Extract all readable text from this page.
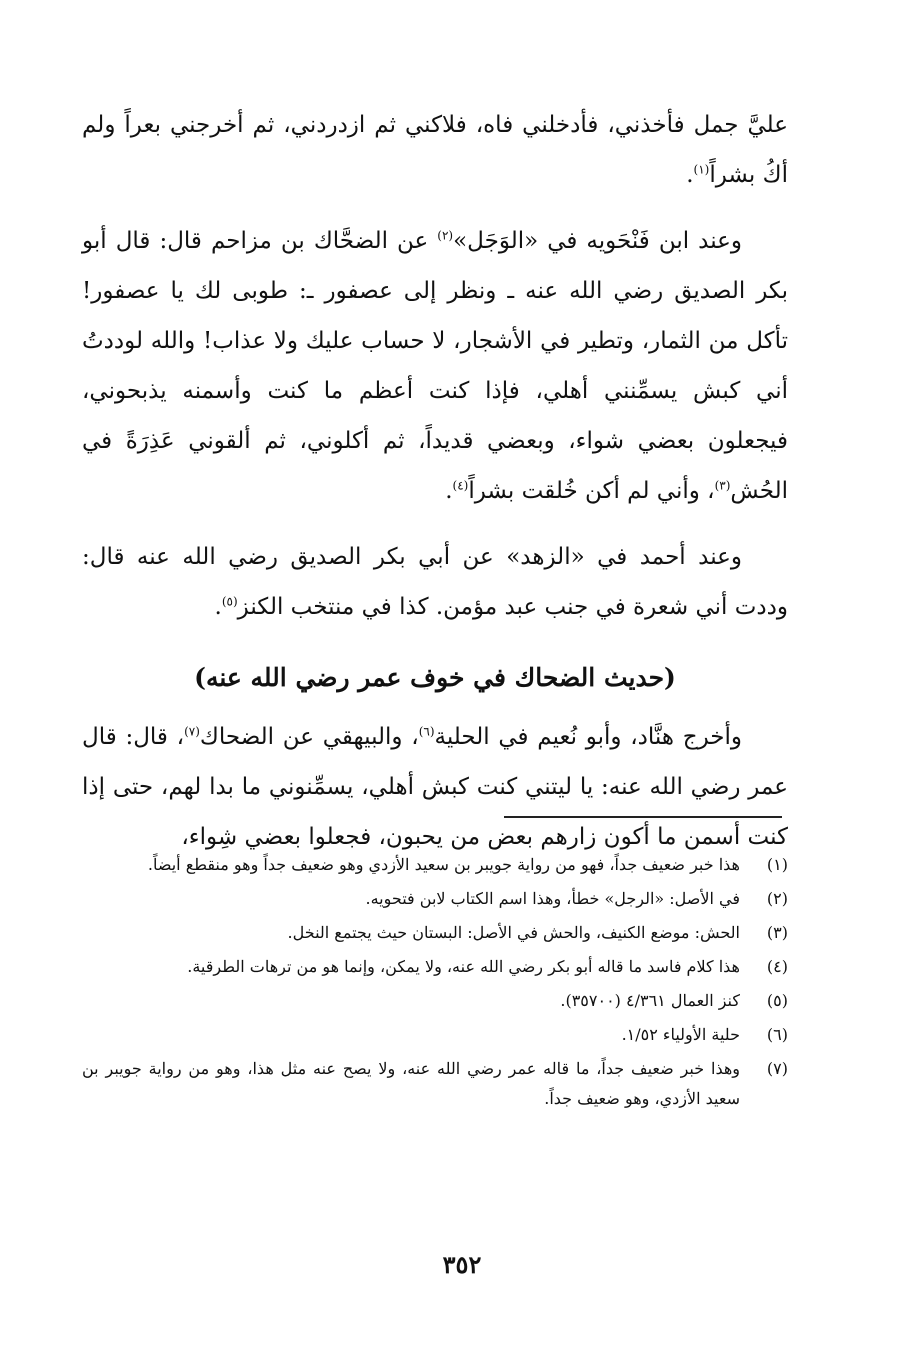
عليَّ جمل فأخذني، فأدخلني فاه، فلاكني ثم ازدردني، ثم أخرجني بعراً ولم أكُ بشراً$^{(١)}$.

وعند ابن فَنْحَويه في «الوَجَل»$^{(٢)}$ عن الضحَّاك بن مزاحم قال: قال أبو بكر الصديق رضي الله عنه ـ ونظر إلى عصفور ـ: طوبى لك يا عصفور! تأكل من الثمار، وتطير في الأشجار، لا حساب عليك ولا عذاب! والله لوددتُ أني كبش يسمِّنني أهلي، فإذا كنت أعظم ما كنت وأسمنه يذبحوني، فيجعلون بعضي شواء، وبعضي قديداً، ثم أكلوني، ثم ألقوني عَذِرَةً في الحُش$^{(٣)}$، وأني لم أكن خُلقت بشراً$^{(٤)}$.

وعند أحمد في «الزهد» عن أبي بكر الصديق رضي الله عنه قال: وددت أني شعرة في جنب عبد مؤمن. كذا في منتخب الكنز$^{(٥)}$.

(حديث الضحاك في خوف عمر رضي الله عنه)

وأخرج هنَّاد، وأبو نُعيم في الحلية$^{(٦)}$، والبيهقي عن الضحاك$^{(٧)}$، قال: قال عمر رضي الله عنه: يا ليتني كنت كبش أهلي، يسمِّنوني ما بدا لهم، حتى إذا كنت أسمن ما أكون زارهم بعض من يحبون، فجعلوا بعضي شِواء،

(١)
هذا خبر ضعيف جداً، فهو من رواية جويبر بن سعيد الأزدي وهو ضعيف جداً وهو منقطع أيضاً.
(٢)
في الأصل: «الرجل» خطأ، وهذا اسم الكتاب لابن فتحويه.
(٣)
الحش: موضع الكنيف، والحش في الأصل: البستان حيث يجتمع النخل.
(٤)
هذا كلام فاسد ما قاله أبو بكر رضي الله عنه، ولا يمكن، وإنما هو من ترهات الطرقية.
(٥)
كنز العمال ٤/٣٦١ (٣٥٧٠٠).
(٦)
حلية الأولياء ١/٥٢.
(٧)
وهذا خبر ضعيف جداً، ما قاله عمر رضي الله عنه، ولا يصح عنه مثل هذا، وهو من رواية جويبر بن سعيد الأزدي، وهو ضعيف جداً.
٣٥٢
